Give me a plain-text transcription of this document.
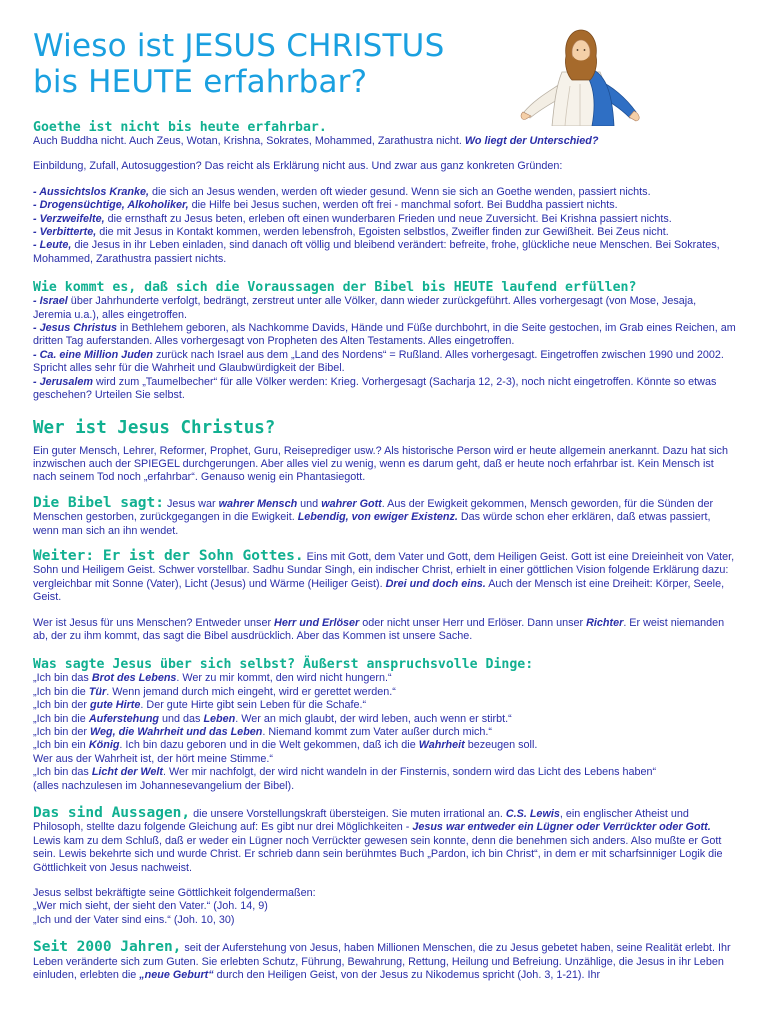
Wieso ist JESUS CHRISTUS
bis HEUTE erfahrbar?
Goethe ist nicht bis heute erfahrbar.

Auch Buddha nicht. Auch Zeus, Wotan, Krishna, Sokrates, Mohammed, Zarathustra nicht. Wo liegt der Unterschied?

Einbildung, Zufall, Autosuggestion? Das reicht als Erklärung nicht aus. Und zwar aus ganz konkreten Gründen:

- Aussichtslos Kranke, die sich an Jesus wenden, werden oft wieder gesund. Wenn sie sich an Goethe wenden, passiert nichts.

- Drogensüchtige, Alkoholiker, die Hilfe bei Jesus suchen, werden oft frei - manchmal sofort. Bei Buddha passiert nichts.

- Verzweifelte, die ernsthaft zu Jesus beten, erleben oft einen wunderbaren Frieden und neue Zuversicht. Bei Krishna passiert nichts.

- Verbitterte, die mit Jesus in Kontakt kommen, werden lebensfroh, Egoisten selbstlos, Zweifler finden zur Gewißheit. Bei Zeus nicht.

- Leute, die Jesus in ihr Leben einladen, sind danach oft völlig und bleibend verändert: befreite, frohe, glückliche neue Menschen. Bei Sokrates, Mohammed, Zarathustra passiert nichts.

Wie kommt es, daß sich die Voraussagen der Bibel bis HEUTE laufend erfüllen?

- Israel über Jahrhunderte verfolgt, bedrängt, zerstreut unter alle Völker, dann wieder zurückgeführt. Alles vorhergesagt (von Mose, Jesaja, Jeremia u.a.), alles eingetroffen.

- Jesus Christus in Bethlehem geboren, als Nachkomme Davids, Hände und Füße durchbohrt, in die Seite gestochen, im Grab eines Reichen, am dritten Tag auferstanden. Alles vorhergesagt von Propheten des Alten Testaments. Alles eingetroffen.

- Ca. eine Million Juden zurück nach Israel aus dem „Land des Nordens“ = Rußland. Alles vorhergesagt. Eingetroffen zwischen 1990 und 2002. Spricht alles sehr für die Wahrheit und Glaubwürdigkeit der Bibel.

- Jerusalem wird zum „Taumelbecher“ für alle Völker werden: Krieg. Vorhergesagt (Sacharja 12, 2-3), noch nicht eingetroffen. Könnte so etwas geschehen? Urteilen Sie selbst.

Wer ist Jesus Christus?

Ein guter Mensch, Lehrer, Reformer, Prophet, Guru, Reiseprediger usw.? Als historische Person wird er heute allgemein anerkannt. Dazu hat sich inzwischen auch der SPIEGEL durchgerungen. Aber alles viel zu wenig, wenn es darum geht, daß er heute noch erfahrbar ist. Kein Mensch ist nach seinem Tod noch „erfahrbar“. Genauso wenig ein Phantasiegott.

Die Bibel sagt: Jesus war wahrer Mensch und wahrer Gott. Aus der Ewigkeit gekommen, Mensch geworden, für die Sünden der Menschen gestorben, zurückgegangen in die Ewigkeit. Lebendig, von ewiger Existenz. Das würde schon eher erklären, daß etwas passiert, wenn man sich an ihn wendet.

Weiter: Er ist der Sohn Gottes. Eins mit Gott, dem Vater und Gott, dem Heiligen Geist. Gott ist eine Dreieinheit von Vater, Sohn und Heiligem Geist. Schwer vorstellbar. Sadhu Sundar Singh, ein indischer Christ, erhielt in einer göttlichen Vision folgende Erklärung dazu: vergleichbar mit Sonne (Vater), Licht (Jesus) und Wärme (Heiliger Geist). Drei und doch eins. Auch der Mensch ist eine Dreiheit: Körper, Seele, Geist.

Wer ist Jesus für uns Menschen? Entweder unser Herr und Erlöser oder nicht unser Herr und Erlöser. Dann unser Richter. Er weist niemanden ab, der zu ihm kommt, das sagt die Bibel ausdrücklich. Aber das Kommen ist unsere Sache.

Was sagte Jesus über sich selbst? Äußerst anspruchsvolle Dinge:

„Ich bin das Brot des Lebens. Wer zu mir kommt, den wird nicht hungern.“

„Ich bin die Tür. Wenn jemand durch mich eingeht, wird er gerettet werden.“

„Ich bin der gute Hirte. Der gute Hirte gibt sein Leben für die Schafe.“

„Ich bin die Auferstehung und das Leben. Wer an mich glaubt, der wird leben, auch wenn er stirbt.“

„Ich bin der Weg, die Wahrheit und das Leben. Niemand kommt zum Vater außer durch mich.“

„Ich bin ein König. Ich bin dazu geboren und in die Welt gekommen, daß ich die Wahrheit bezeugen soll.

Wer aus der Wahrheit ist, der hört meine Stimme.“

„Ich bin das Licht der Welt. Wer mir nachfolgt, der wird nicht wandeln in der Finsternis, sondern wird das Licht des Lebens haben“

(alles nachzulesen im Johannesevangelium der Bibel).

Das sind Aussagen, die unsere Vorstellungskraft übersteigen. Sie muten irrational an. C.S. Lewis, ein englischer Atheist und Philosoph, stellte dazu folgende Gleichung auf: Es gibt nur drei Möglichkeiten - Jesus war entweder ein Lügner oder Verrückter oder Gott. Lewis kam zu dem Schluß, daß er weder ein Lügner noch Verrückter gewesen sein konnte, denn die benehmen sich anders. Also mußte er Gott sein. Lewis bekehrte sich und wurde Christ. Er schrieb dann sein berühmtes Buch „Pardon, ich bin Christ“, in dem er mit scharfsinniger Logik die Göttlichkeit von Jesus nachweist.

Jesus selbst bekräftigte seine Göttlichkeit folgendermaßen:

„Wer mich sieht, der sieht den Vater.“ (Joh. 14, 9)

„Ich und der Vater sind eins.“ (Joh. 10, 30)

Seit 2000 Jahren, seit der Auferstehung von Jesus, haben Millionen Menschen, die zu Jesus gebetet haben, seine Realität erlebt. Ihr Leben veränderte sich zum Guten. Sie erlebten Schutz, Führung, Bewahrung, Rettung, Heilung und Befreiung. Unzählige, die Jesus in ihr Leben einluden, erlebten die „neue Geburt“ durch den Heiligen Geist, von der Jesus zu Nikodemus spricht (Joh. 3, 1-21). Ihr
